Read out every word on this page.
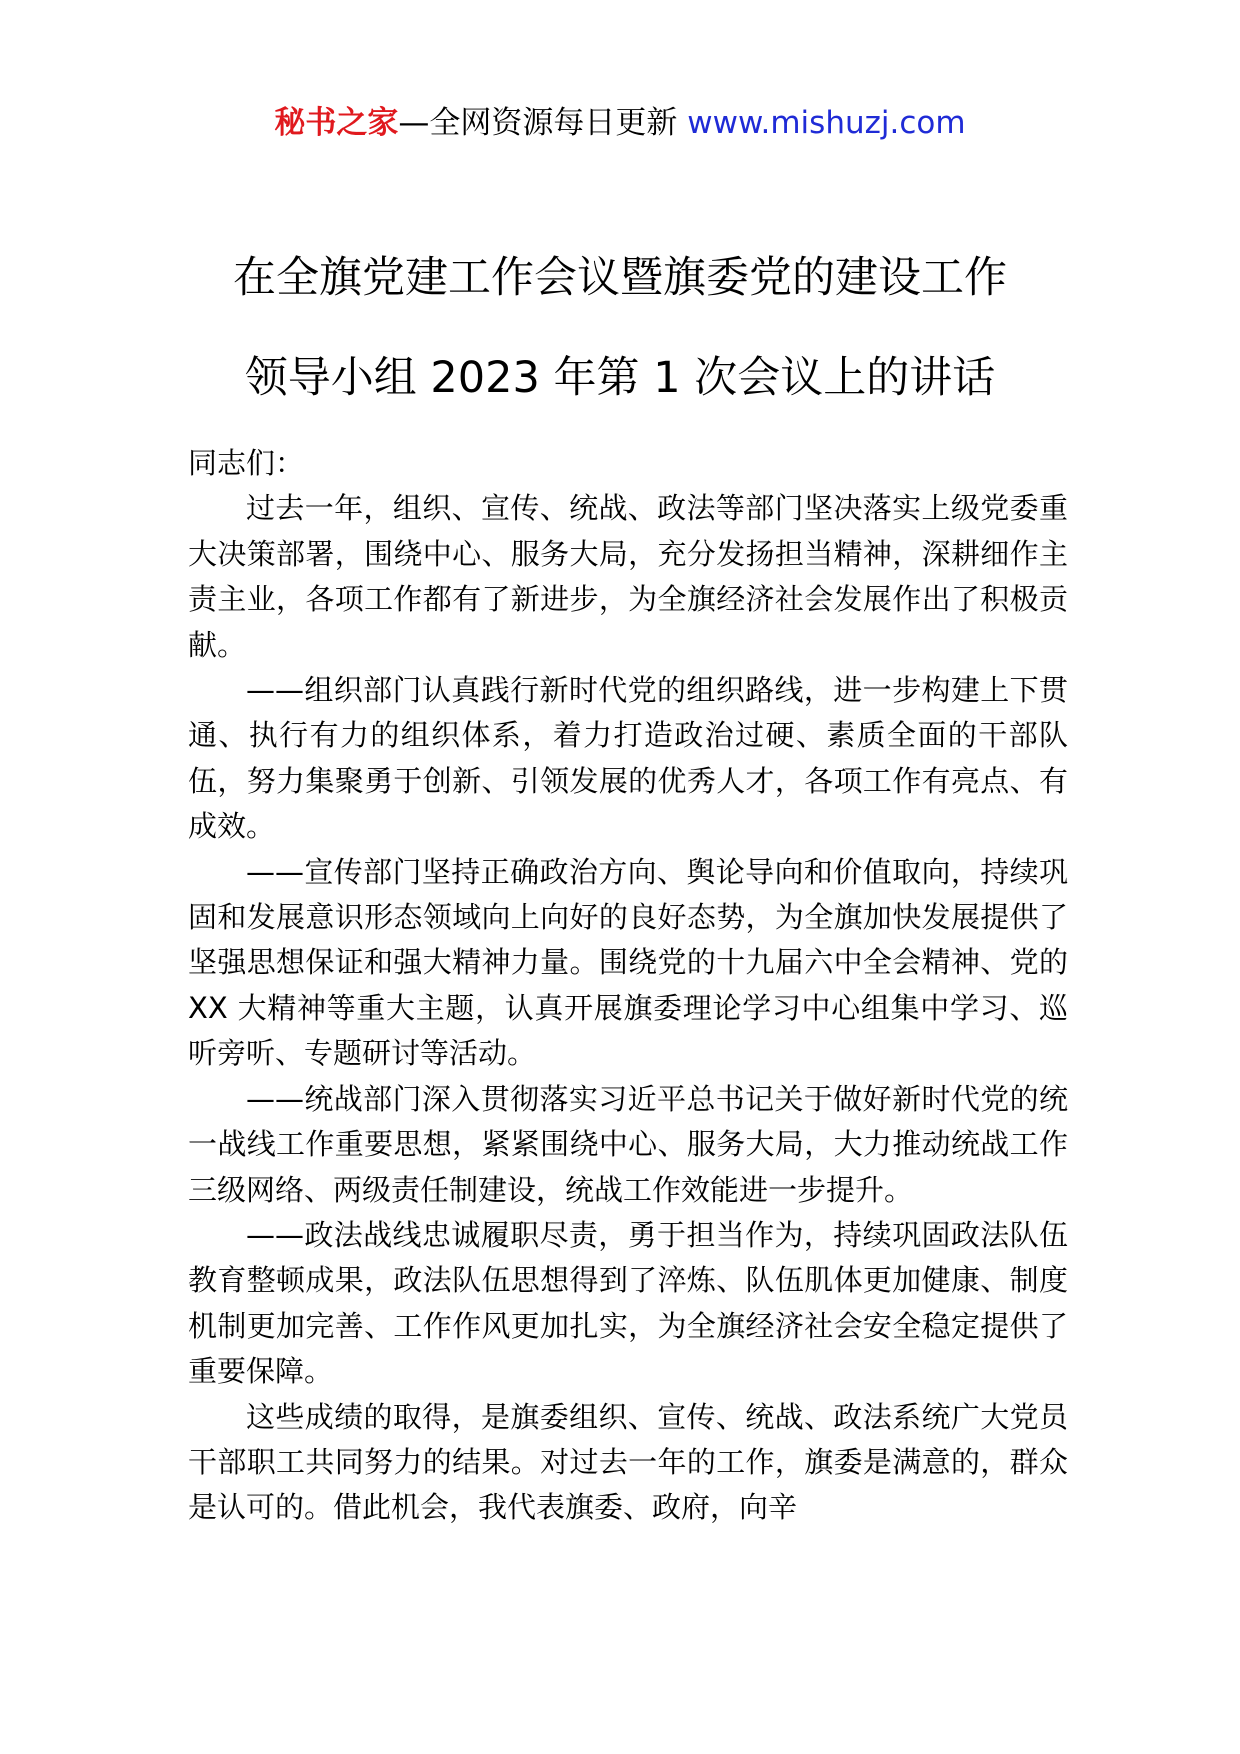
秘书之家—全网资源每日更新 www.mishuzj.com
在全旗党建工作会议暨旗委党的建设工作
领导小组 2023 年第 1 次会议上的讲话

同志们：

过去一年，组织、宣传、统战、政法等部门坚决落实上级党委重大决策部署，围绕中心、服务大局，充分发扬担当精神，深耕细作主责主业，各项工作都有了新进步，为全旗经济社会发展作出了积极贡献。

——组织部门认真践行新时代党的组织路线，进一步构建上下贯通、执行有力的组织体系，着力打造政治过硬、素质全面的干部队伍，努力集聚勇于创新、引领发展的优秀人才，各项工作有亮点、有成效。

——宣传部门坚持正确政治方向、舆论导向和价值取向，持续巩固和发展意识形态领域向上向好的良好态势，为全旗加快发展提供了坚强思想保证和强大精神力量。围绕党的十九届六中全会精神、党的 XX 大精神等重大主题，认真开展旗委理论学习中心组集中学习、巡听旁听、专题研讨等活动。

——统战部门深入贯彻落实习近平总书记关于做好新时代党的统一战线工作重要思想，紧紧围绕中心、服务大局，大力推动统战工作三级网络、两级责任制建设，统战工作效能进一步提升。

——政法战线忠诚履职尽责，勇于担当作为，持续巩固政法队伍教育整顿成果，政法队伍思想得到了淬炼、队伍肌体更加健康、制度机制更加完善、工作作风更加扎实，为全旗经济社会安全稳定提供了重要保障。

这些成绩的取得，是旗委组织、宣传、统战、政法系统广大党员干部职工共同努力的结果。对过去一年的工作，旗委是满意的，群众是认可的。借此机会，我代表旗委、政府，向辛
